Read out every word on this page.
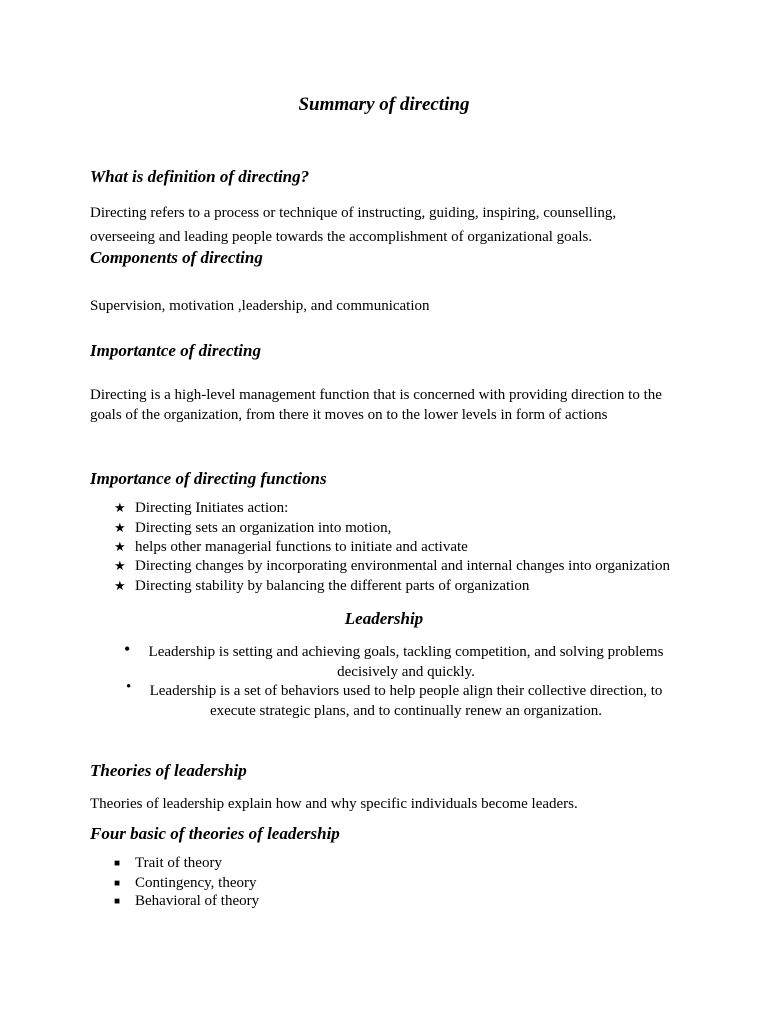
Summary of directing
What is definition of directing?

Directing refers to a process or technique of instructing, guiding, inspiring, counselling,

overseeing and leading people towards the accomplishment of organizational goals.

Components of directing

Supervision, motivation ,leadership, and communication

Importantce of directing

Directing is a high-level management function that is concerned with providing direction to the

goals of the organization, from there it moves on to the lower levels in form of actions

Importance of directing functions
★ Directing Initiates action:
★ Directing sets an organization into motion,
★ helps other managerial functions to initiate and activate
★ Directing changes by incorporating environmental and internal changes into organization
★ Directing stability by balancing the different parts of organization
Leadership
• Leadership is setting and achieving goals, tackling competition, and solving problems

decisively and quickly.

•	Leadership is a set of behaviors used to help people align their collective direction, to

execute strategic plans, and to continually renew an organization.

Theories of leadership

Theories of leadership explain how and why specific individuals become leaders.

Four basic of theories of leadership
■ Trait of theory
■ Contingency, theory
■ Behavioral of theory
